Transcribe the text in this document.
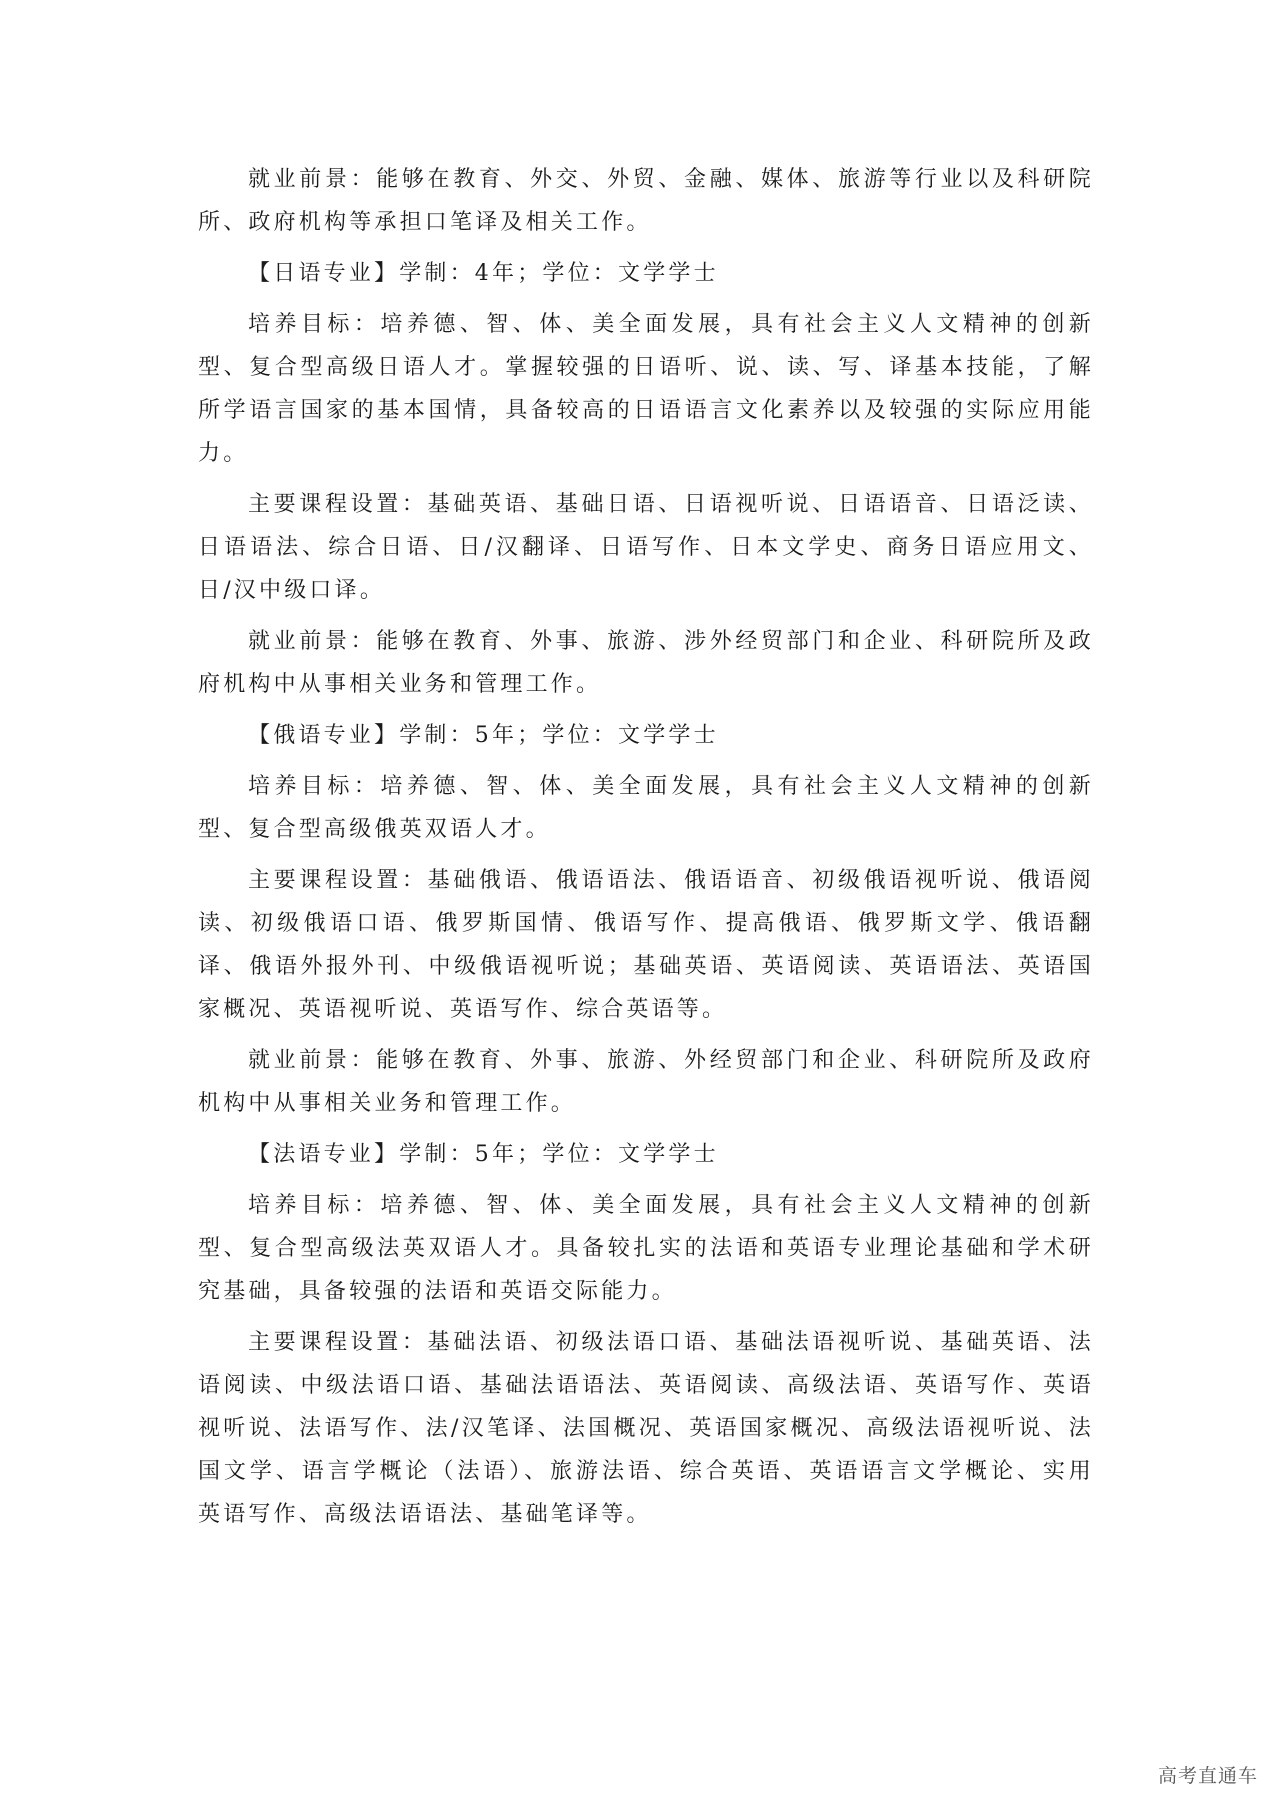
就业前景：能够在教育、外交、外贸、金融、媒体、旅游等行业以及科研院所、政府机构等承担口笔译及相关工作。

【日语专业】学制：4年；学位：文学学士

培养目标：培养德、智、体、美全面发展，具有社会主义人文精神的创新型、复合型高级日语人才。掌握较强的日语听、说、读、写、译基本技能，了解所学语言国家的基本国情，具备较高的日语语言文化素养以及较强的实际应用能力。

主要课程设置：基础英语、基础日语、日语视听说、日语语音、日语泛读、日语语法、综合日语、日/汉翻译、日语写作、日本文学史、商务日语应用文、日/汉中级口译。

就业前景：能够在教育、外事、旅游、涉外经贸部门和企业、科研院所及政府机构中从事相关业务和管理工作。

【俄语专业】学制：5年；学位：文学学士

培养目标：培养德、智、体、美全面发展，具有社会主义人文精神的创新型、复合型高级俄英双语人才。

主要课程设置：基础俄语、俄语语法、俄语语音、初级俄语视听说、俄语阅读、初级俄语口语、俄罗斯国情、俄语写作、提高俄语、俄罗斯文学、俄语翻译、俄语外报外刊、中级俄语视听说；基础英语、英语阅读、英语语法、英语国家概况、英语视听说、英语写作、综合英语等。

就业前景：能够在教育、外事、旅游、外经贸部门和企业、科研院所及政府机构中从事相关业务和管理工作。

【法语专业】学制：5年；学位：文学学士

培养目标：培养德、智、体、美全面发展，具有社会主义人文精神的创新型、复合型高级法英双语人才。具备较扎实的法语和英语专业理论基础和学术研究基础，具备较强的法语和英语交际能力。

主要课程设置：基础法语、初级法语口语、基础法语视听说、基础英语、法语阅读、中级法语口语、基础法语语法、英语阅读、高级法语、英语写作、英语视听说、法语写作、法/汉笔译、法国概况、英语国家概况、高级法语视听说、法国文学、语言学概论（法语）、旅游法语、综合英语、英语语言文学概论、实用英语写作、高级法语语法、基础笔译等。

高考直通车
